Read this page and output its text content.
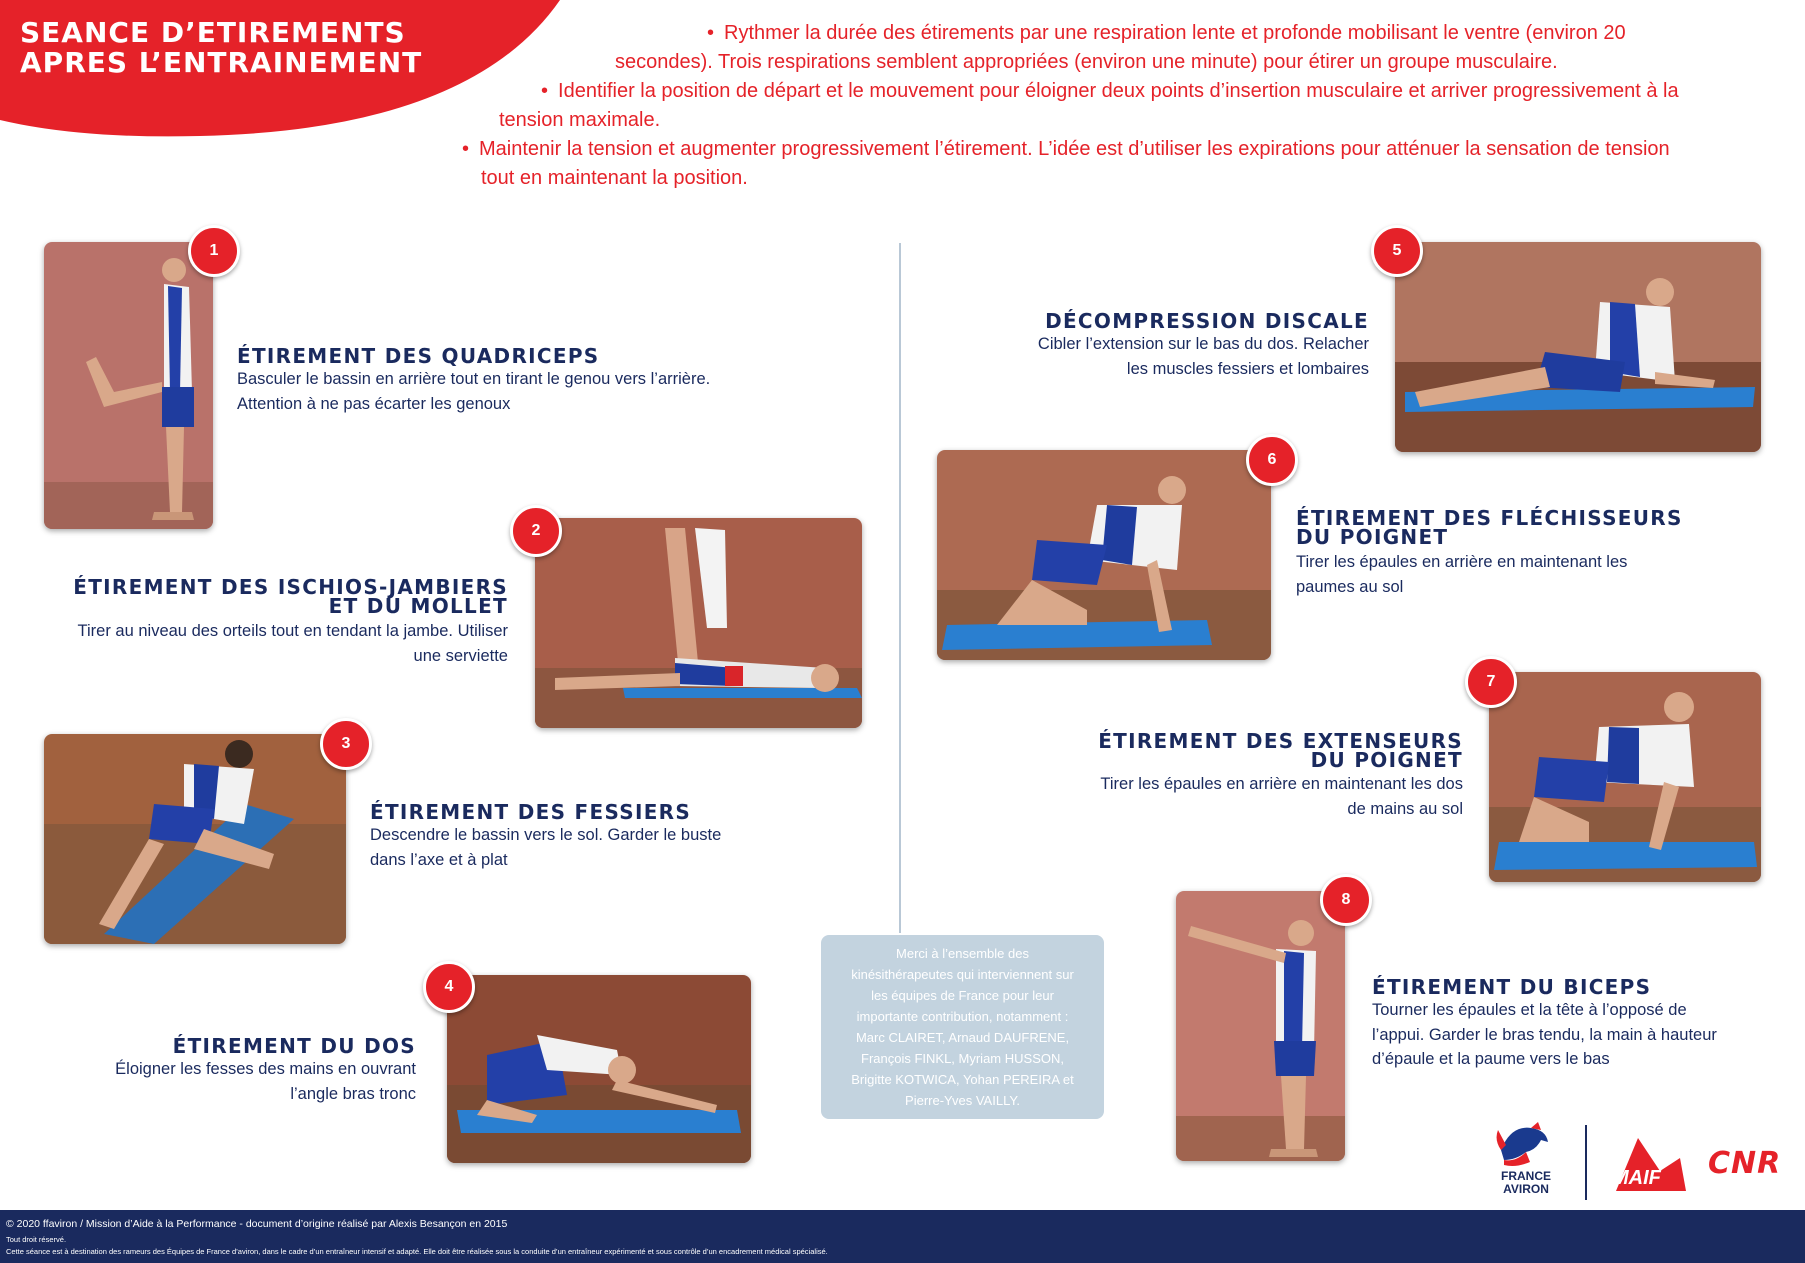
SEANCE D’ETIREMENTS
APRES L’ENTRAINEMENT
• Rythmer la durée des étirements par une respiration lente et profonde mobilisant le ventre (environ 20
secondes). Trois respirations semblent appropriées (environ une minute) pour étirer un groupe musculaire.
• Identifier la position de départ et le mouvement pour éloigner deux points d’insertion musculaire et arriver progressivement à la
tension maximale.
• Maintenir la tension et augmenter progressivement l’étirement. L’idée est d’utiliser les expirations pour atténuer la sensation de tension
tout en maintenant la position.
1
ÉTIREMENT DES QUADRICEPS
Basculer le bassin en arrière tout en tirant le genou vers l’arrière.
Attention à ne pas écarter les genoux
2
ÉTIREMENT DES ISCHIOS-JAMBIERS
ET DU MOLLET
Tirer au niveau des orteils tout en tendant la jambe. Utiliser
une serviette
3
ÉTIREMENT DES FESSIERS
Descendre le bassin vers le sol. Garder le buste
dans l’axe et à plat
4
ÉTIREMENT DU DOS
Éloigner les fesses des mains en ouvrant
l’angle bras tronc
5
DÉCOMPRESSION DISCALE
Cibler l’extension sur le bas du dos. Relacher
les muscles fessiers et lombaires
6
ÉTIREMENT DES FLÉCHISSEURS
DU POIGNET
Tirer les épaules en arrière en maintenant les
paumes au sol
7
ÉTIREMENT DES EXTENSEURS
DU POIGNET
Tirer les épaules en arrière en maintenant les dos
de mains au sol
8
ÉTIREMENT DU BICEPS
Tourner les épaules et la tête à l’opposé de
l’appui. Garder le bras tendu, la main à hauteur
d’épaule et la paume vers le bas
Merci à l’ensemble des
kinésithérapeutes qui interviennent sur
les équipes de France pour leur
importante contribution, notamment :
Marc CLAIRET, Arnaud DAUFRENE,
François FINKL, Myriam HUSSON,
Brigitte KOTWICA, Yohan PEREIRA et
Pierre-Yves VAILLY.
FRANCE
AVIRON	MAIF CNR
© 2020 ffaviron / Mission d’Aide à la Performance - document d’origine réalisé par Alexis Besançon en 2015
Tout droit réservé.
Cette séance est à destination des rameurs des Équipes de France d’aviron, dans le cadre d’un entraîneur intensif et adapté. Elle doit être réalisée sous la conduite d’un entraîneur expérimenté et sous contrôle d’un encadrement médical spécialisé.
